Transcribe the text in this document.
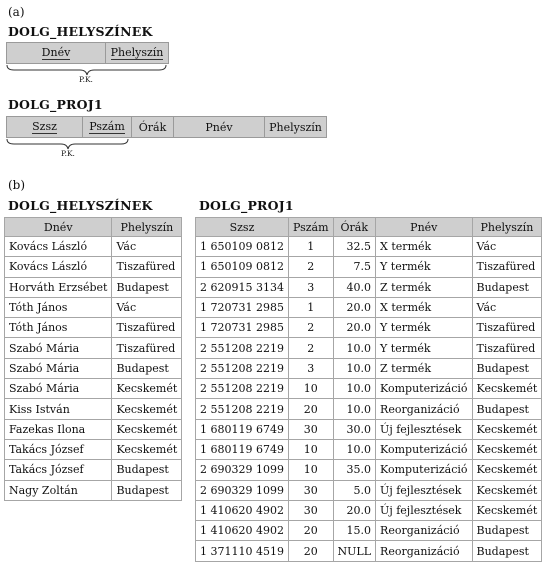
(a)
DOLG_HELYSZÍNEK
Dnév	Phelyszín
P.K.
DOLG_PROJ1
Szsz	Pszám Órák	Pnév	Phelyszín
P.K.
(b)
DOLG_HELYSZÍNEK
Dnév	Phelyszín
Kovács László	Vác
Kovács László	Tiszafüred
Horváth Erzsébet	Budapest
Tóth János	Vác
Tóth János	Tiszafüred
Szabó Mária	Tiszafüred
Szabó Mária	Budapest
Szabó Mária	Kecskemét
Kiss István	Kecskemét
Fazekas Ilona	Kecskemét
Takács József	Kecskemét
Takács József	Budapest
Nagy Zoltán	Budapest
DOLG_PROJ1
Szsz	Pszám	Órák	Pnév	Phelyszín
1 650109 0812	1	32.5	X termék	Vác
1 650109 0812	2	7.5	Y termék	Tiszafüred
2 620915 3134	3	40.0	Z termék	Budapest
1 720731 2985	1	20.0	X termék	Vác
1 720731 2985	2	20.0	Y termék	Tiszafüred
2 551208 2219	2	10.0	Y termék	Tiszafüred
2 551208 2219	3	10.0	Z termék	Budapest
2 551208 2219	10	10.0	Komputerizáció	Kecskemét
2 551208 2219	20	10.0	Reorganizáció	Budapest
1 680119 6749	30	30.0	Új fejlesztések	Kecskemét
1 680119 6749	10	10.0	Komputerizáció	Kecskemét
2 690329 1099	10	35.0	Komputerizáció	Kecskemét
2 690329 1099	30	5.0	Új fejlesztések	Kecskemét
1 410620 4902	30	20.0	Új fejlesztések	Kecskemét
1 410620 4902	20	15.0	Reorganizáció	Budapest
1 371110 4519	20	NULL	Reorganizáció	Budapest
